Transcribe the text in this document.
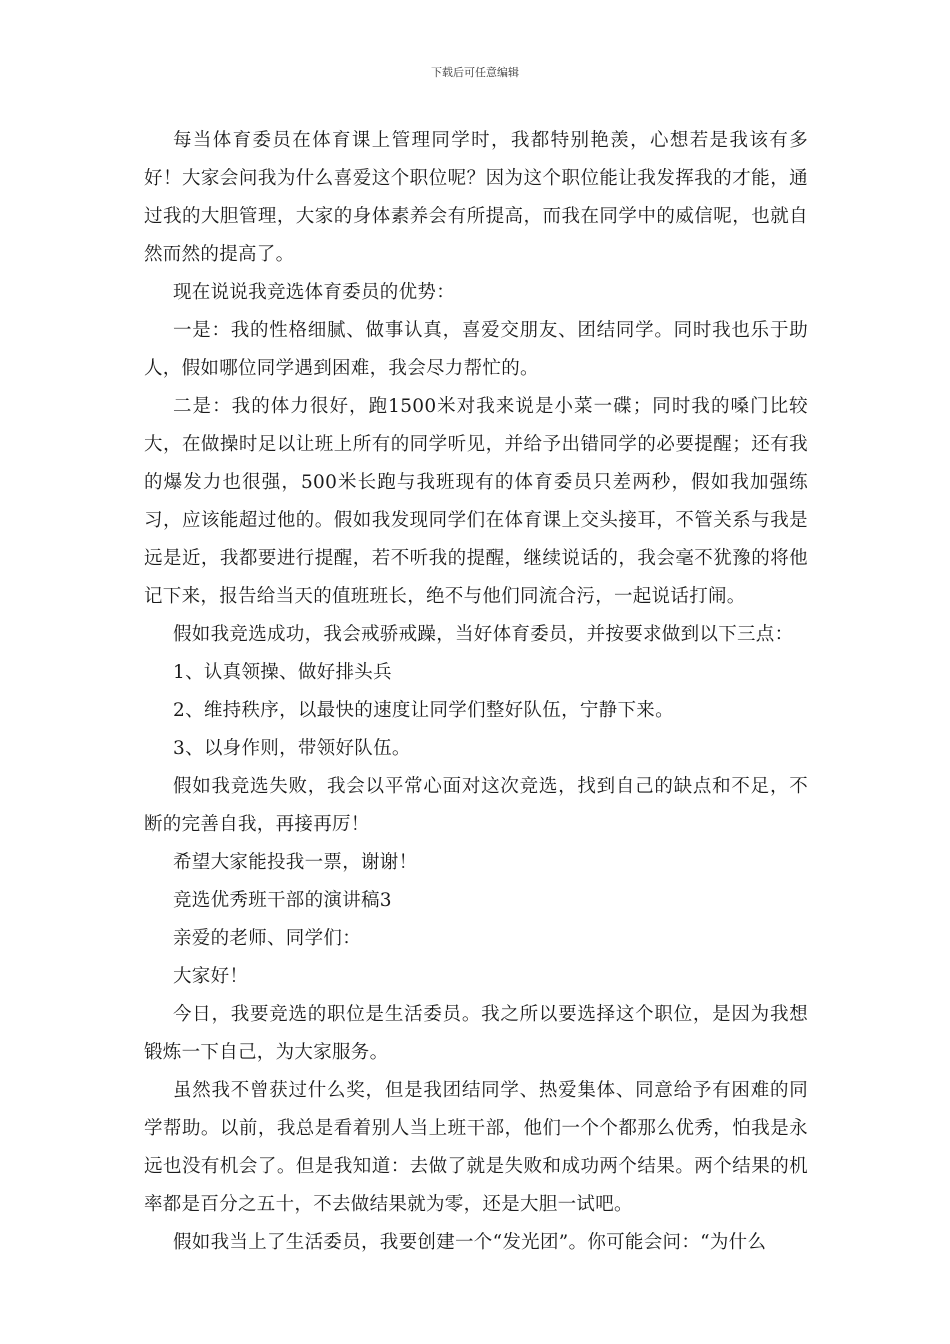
下载后可任意编辑

每当体育委员在体育课上管理同学时，我都特别艳羡，心想若是我该有多好！大家会问我为什么喜爱这个职位呢？因为这个职位能让我发挥我的才能，通过我的大胆管理，大家的身体素养会有所提高，而我在同学中的威信呢，也就自然而然的提高了。

现在说说我竞选体育委员的优势：

一是：我的性格细腻、做事认真，喜爱交朋友、团结同学。同时我也乐于助人，假如哪位同学遇到困难，我会尽力帮忙的。

二是：我的体力很好，跑1500米对我来说是小菜一碟；同时我的嗓门比较大，在做操时足以让班上所有的同学听见，并给予出错同学的必要提醒；还有我的爆发力也很强，500米长跑与我班现有的体育委员只差两秒，假如我加强练习，应该能超过他的。假如我发现同学们在体育课上交头接耳，不管关系与我是远是近，我都要进行提醒，若不听我的提醒，继续说话的，我会毫不犹豫的将他记下来，报告给当天的值班班长，绝不与他们同流合污，一起说话打闹。

假如我竞选成功，我会戒骄戒躁，当好体育委员，并按要求做到以下三点：

1、认真领操、做好排头兵

2、维持秩序，以最快的速度让同学们整好队伍，宁静下来。

3、以身作则，带领好队伍。

假如我竞选失败，我会以平常心面对这次竞选，找到自己的缺点和不足，不断的完善自我，再接再厉！

希望大家能投我一票，谢谢！

竞选优秀班干部的演讲稿3

亲爱的老师、同学们：

大家好！

今日，我要竞选的职位是生活委员。我之所以要选择这个职位，是因为我想锻炼一下自己，为大家服务。

虽然我不曾获过什么奖，但是我团结同学、热爱集体、同意给予有困难的同学帮助。以前，我总是看着别人当上班干部，他们一个个都那么优秀，怕我是永远也没有机会了。但是我知道：去做了就是失败和成功两个结果。两个结果的机率都是百分之五十，不去做结果就为零，还是大胆一试吧。

假如我当上了生活委员，我要创建一个“发光团”。你可能会问：“为什么
